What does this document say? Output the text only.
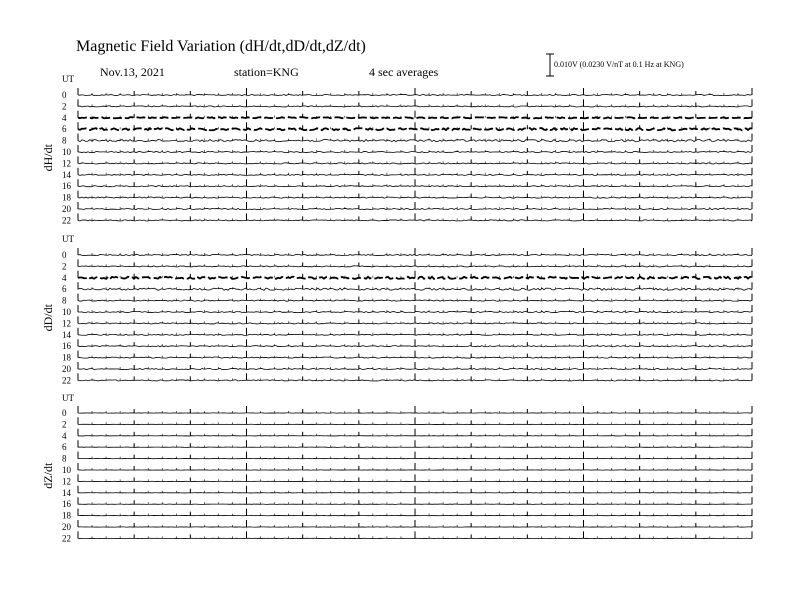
Magnetic Field Variation (dH/dt,dD/dt,dZ/dt)
Nov.13, 2021	station=KNG	4 sec averages
0.010V (0.0230 V/nT at 0.1 Hz at KNG)
UT
dH/dt
0
2
4
6
8
10
12
14
16
18
20
22
UT
dD/dt
0
2
4
6
8
10
12
14
16
18
20
22
UT
dZ/dt
0
2
4
6
8
10
12
14
16
18
20
22
